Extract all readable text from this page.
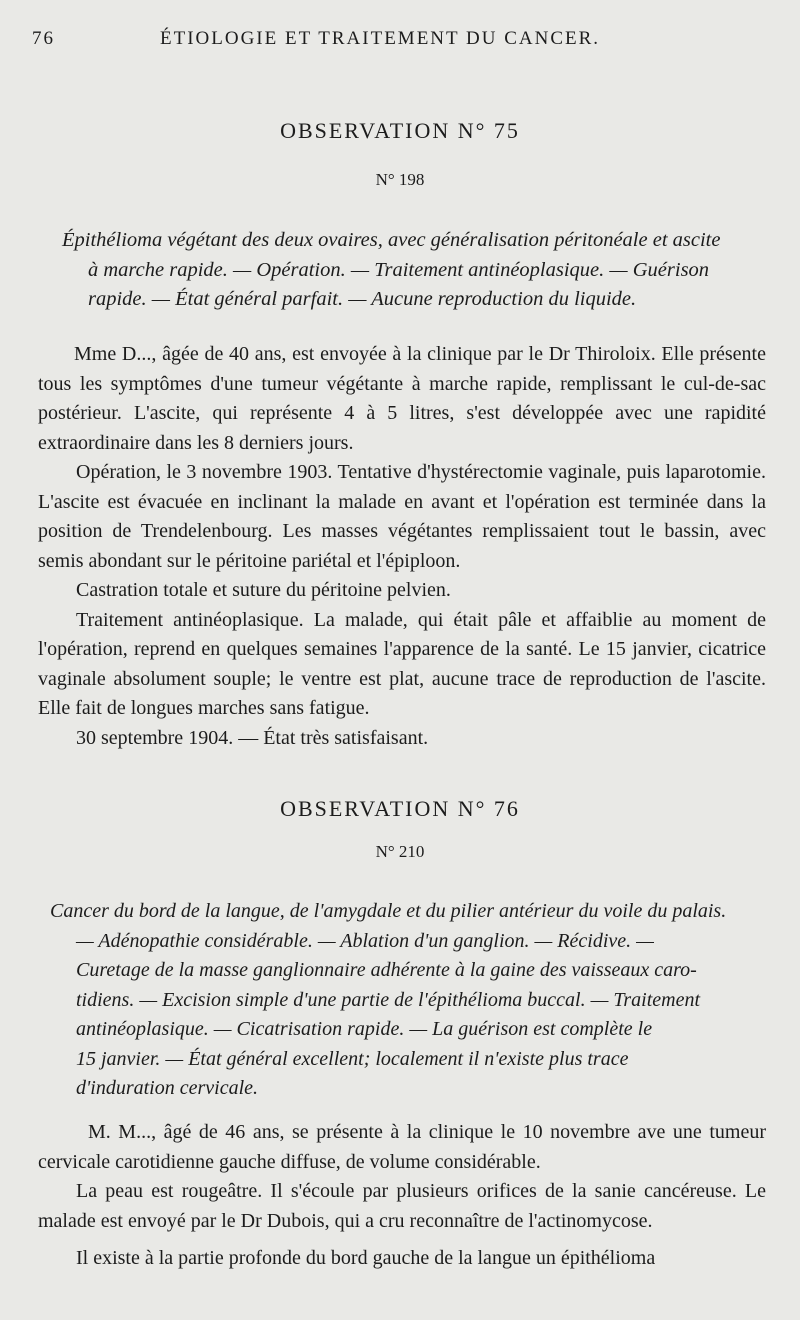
76	ÉTIOLOGIE ET TRAITEMENT DU CANCER.
OBSERVATION N° 75
N° 198
Épithélioma végétant des deux ovaires, avec généralisation péritonéale et ascite
à marche rapide. — Opération. — Traitement antinéoplasique. — Guérison
rapide. — État général parfait. — Aucune reproduction du liquide.

Mme D..., âgée de 40 ans, est envoyée à la clinique par le Dr Thiroloix. Elle présente tous les symptômes d'une tumeur végétante à marche rapide, remplissant le cul-de-sac postérieur. L'ascite, qui représente 4 à 5 litres, s'est développée avec une rapidité extraordinaire dans les 8 derniers jours.

Opération, le 3 novembre 1903. Tentative d'hystérectomie vaginale, puis laparotomie. L'ascite est évacuée en inclinant la malade en avant et l'opération est terminée dans la position de Trendelenbourg. Les masses végétantes remplissaient tout le bassin, avec semis abondant sur le péritoine pariétal et l'épiploon.

Castration totale et suture du péritoine pelvien.

Traitement antinéoplasique. La malade, qui était pâle et affaiblie au moment de l'opération, reprend en quelques semaines l'apparence de la santé. Le 15 janvier, cicatrice vaginale absolument souple; le ventre est plat, aucune trace de reproduction de l'ascite. Elle fait de longues marches sans fatigue.

30 septembre 1904. — État très satisfaisant.

OBSERVATION N° 76
N° 210
Cancer du bord de la langue, de l'amygdale et du pilier antérieur du voile du palais.
— Adénopathie considérable. — Ablation d'un ganglion. — Récidive. —
Curetage de la masse ganglionnaire adhérente à la gaine des vaisseaux caro-
tidiens. — Excision simple d'une partie de l'épithélioma buccal. — Traitement
antinéoplasique. — Cicatrisation rapide. — La guérison est complète le
15 janvier. — État général excellent; localement il n'existe plus trace
d'induration cervicale.

M. M..., âgé de 46 ans, se présente à la clinique le 10 novembre ave une tumeur cervicale carotidienne gauche diffuse, de volume considérable.

La peau est rougeâtre. Il s'écoule par plusieurs orifices de la sanie cancéreuse. Le malade est envoyé par le Dr Dubois, qui a cru reconnaître de l'actinomycose.

Il existe à la partie profonde du bord gauche de la langue un épithélioma
